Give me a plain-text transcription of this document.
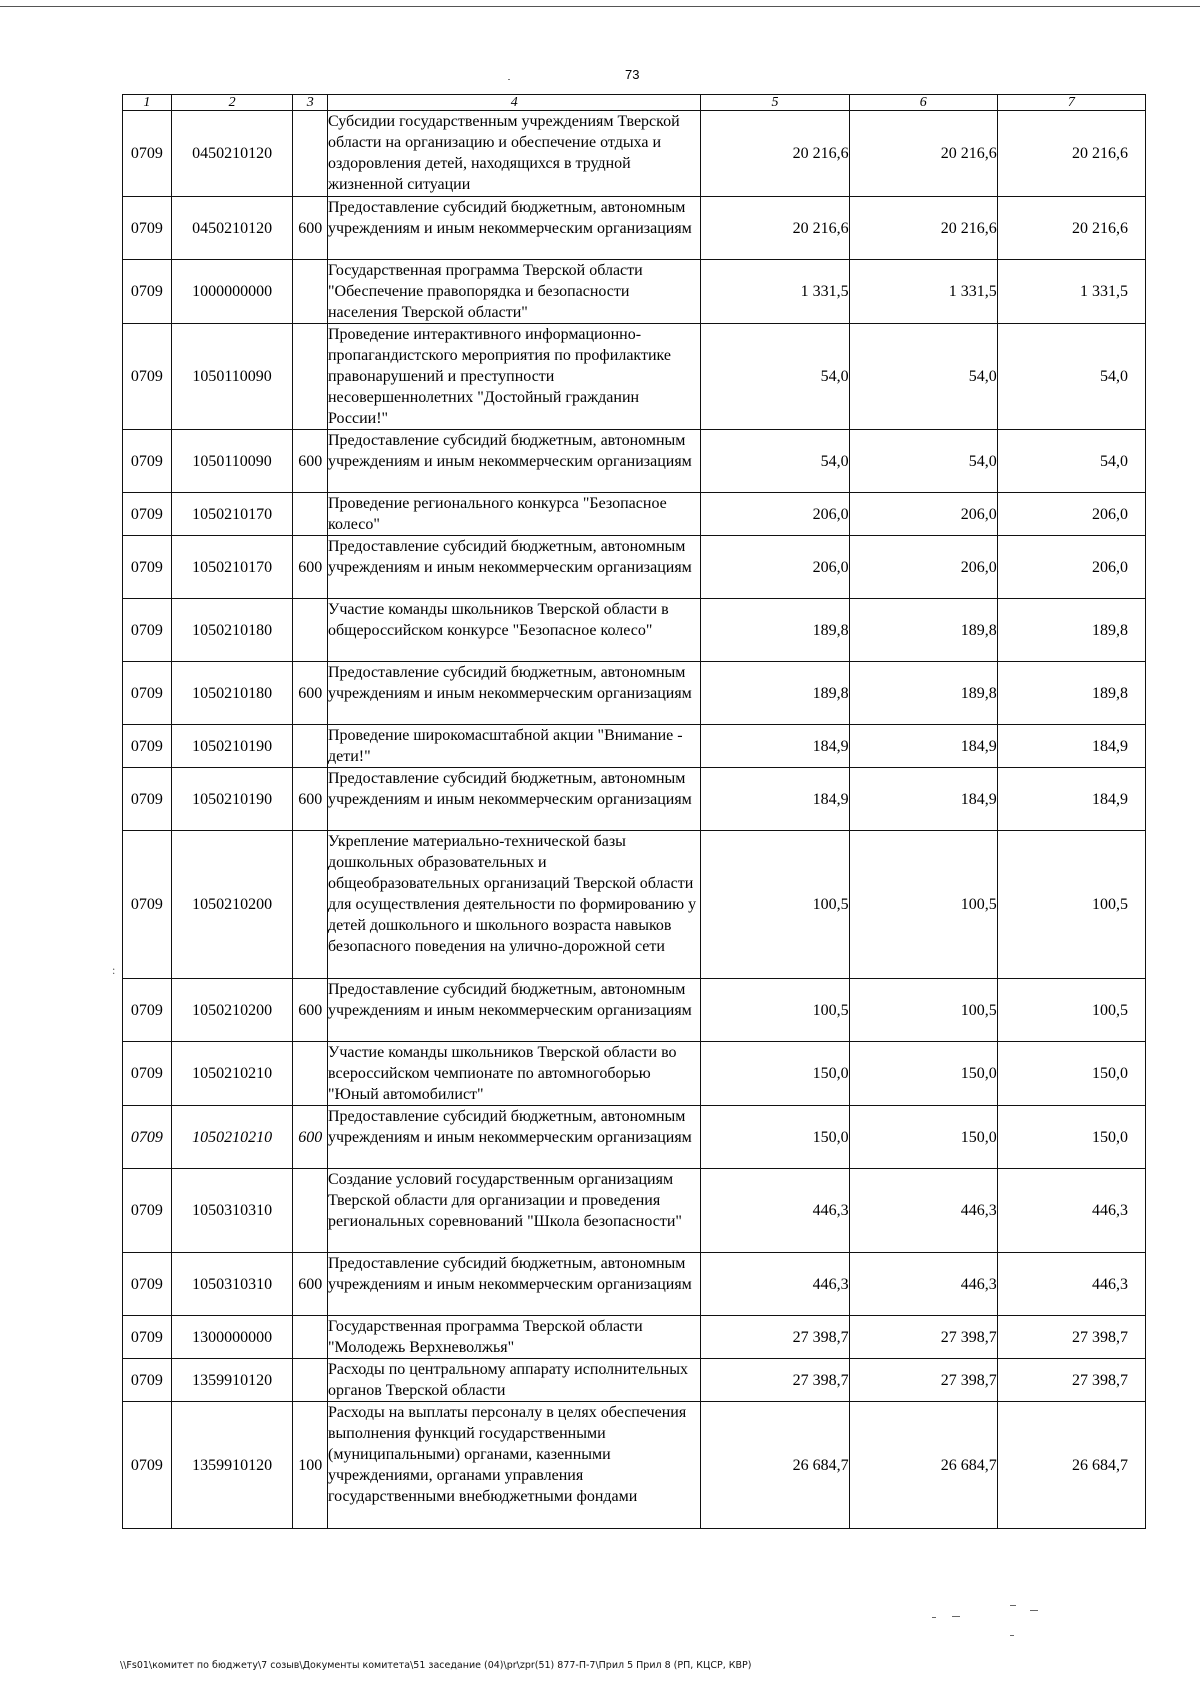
73
:
1	2	3	4	5	6	7
0709	0450210120		Субсидии государственным учреждениям Тверской области на организацию и обеспечение отдыха и оздоровления детей, находящихся в трудной жизненной ситуации	20 216,6	20 216,6	20 216,6
0709	0450210120	600	Предоставление субсидий бюджетным, автономным учреждениям и иным некоммерческим организациям	20 216,6	20 216,6	20 216,6
0709	1000000000		Государственная программа Тверской области "Обеспечение правопорядка и безопасности населения Тверской области"	1 331,5	1 331,5	1 331,5
0709	1050110090		Проведение интерактивного информационно-пропагандистского мероприятия по профилактике правонарушений и преступности несовершеннолетних "Достойный гражданин России!"	54,0	54,0	54,0
0709	1050110090	600	Предоставление субсидий бюджетным, автономным учреждениям и иным некоммерческим организациям	54,0	54,0	54,0
0709	1050210170		Проведение регионального конкурса "Безопасное колесо"	206,0	206,0	206,0
0709	1050210170	600	Предоставление субсидий бюджетным, автономным учреждениям и иным некоммерческим организациям	206,0	206,0	206,0
0709	1050210180		Участие команды школьников Тверской области в общероссийском конкурсе "Безопасное колесо"	189,8	189,8	189,8
0709	1050210180	600	Предоставление субсидий бюджетным, автономным учреждениям и иным некоммерческим организациям	189,8	189,8	189,8
0709	1050210190		Проведение широкомасштабной акции "Внимание - дети!"	184,9	184,9	184,9
0709	1050210190	600	Предоставление субсидий бюджетным, автономным учреждениям и иным некоммерческим организациям	184,9	184,9	184,9
0709	1050210200		Укрепление материально-технической базы дошкольных образовательных и общеобразовательных организаций Тверской области для осуществления деятельности по формированию у детей дошкольного и школьного возраста навыков безопасного поведения на улично-дорожной сети	100,5	100,5	100,5
0709	1050210200	600	Предоставление субсидий бюджетным, автономным учреждениям и иным некоммерческим организациям	100,5	100,5	100,5
0709	1050210210		Участие команды школьников Тверской области во всероссийском чемпионате по автомногоборью "Юный автомобилист"	150,0	150,0	150,0
0709	1050210210	600	Предоставление субсидий бюджетным, автономным учреждениям и иным некоммерческим организациям	150,0	150,0	150,0
0709	1050310310		Создание условий государственным организациям Тверской области для организации и проведения региональных соревнований "Школа безопасности"	446,3	446,3	446,3
0709	1050310310	600	Предоставление субсидий бюджетным, автономным учреждениям и иным некоммерческим организациям	446,3	446,3	446,3
0709	1300000000		Государственная программа Тверской области "Молодежь Верхневолжья"	27 398,7	27 398,7	27 398,7
0709	1359910120		Расходы по центральному аппарату исполнительных органов Тверской области	27 398,7	27 398,7	27 398,7
0709	1359910120	100	Расходы на выплаты персоналу в целях обеспечения выполнения функций государственными (муниципальными) органами, казенными учреждениями, органами управления государственными внебюджетными фондами	26 684,7	26 684,7	26 684,7
\\Fs01\комитет по бюджету\7 созыв\Документы комитета\51 заседание (04)\pr\zpr(51) 877-П-7\Прил 5 Прил 8 (РП, КЦСР, КВР)
